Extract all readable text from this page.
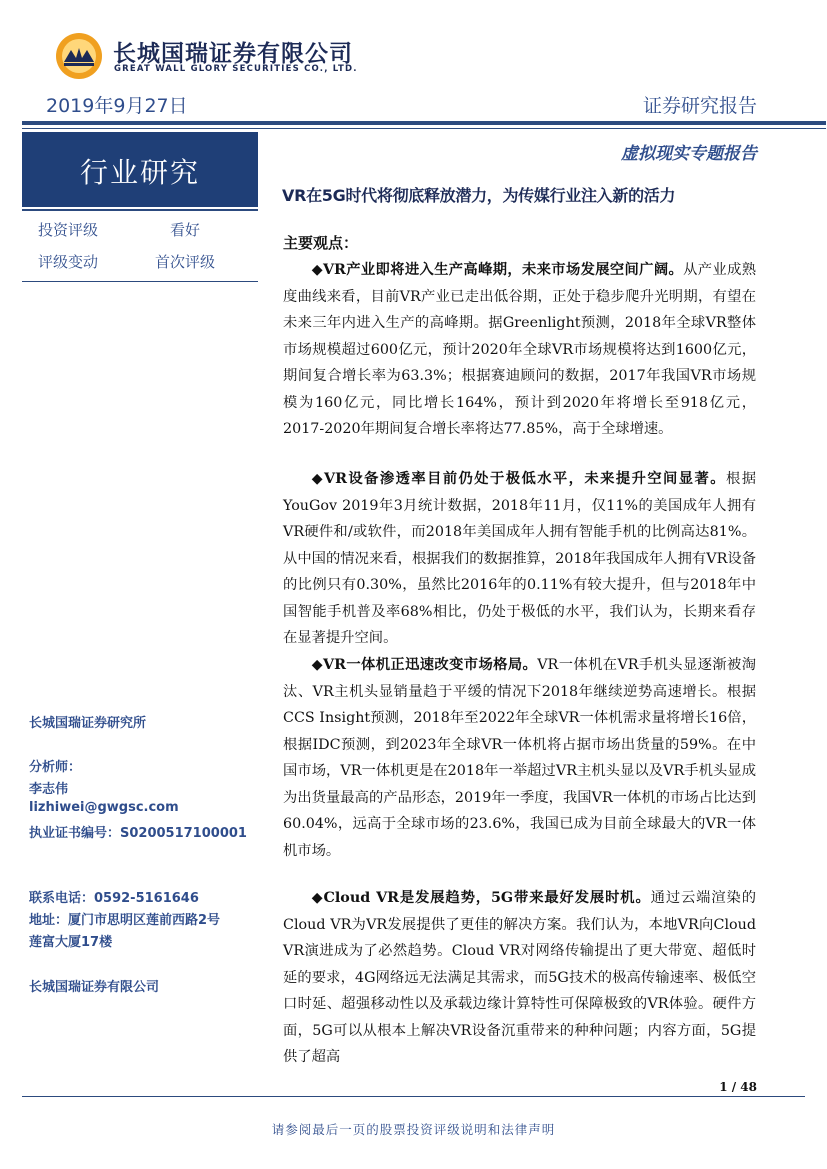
长城国瑞证券有限公司
GREAT WALL GLORY SECURITIES CO., LTD.
2019年9月27日	证券研究报告
行业研究
投资评级	看好
评级变动	首次评级
长城国瑞证券研究所
分析师：
李志伟
lizhiwei@gwgsc.com
执业证书编号：S0200517100001
联系电话：0592-5161646
地址：厦门市思明区莲前西路2号
莲富大厦17楼
长城国瑞证券有限公司
虚拟现实专题报告
VR在5G时代将彻底释放潜力，为传媒行业注入新的活力
主要观点：

◆VR产业即将进入生产高峰期，未来市场发展空间广阔。从产业成熟度曲线来看，目前VR产业已走出低谷期，正处于稳步爬升光明期，有望在未来三年内进入生产的高峰期。据Greenlight预测，2018年全球VR整体市场规模超过600亿元，预计2020年全球VR市场规模将达到1600亿元，期间复合增长率为63.3%；根据赛迪顾问的数据，2017年我国VR市场规模为160亿元，同比增长164%，预计到2020年将增长至918亿元，2017-2020年期间复合增长率将达77.85%，高于全球增速。

◆VR设备渗透率目前仍处于极低水平，未来提升空间显著。根据YouGov 2019年3月统计数据，2018年11月，仅11%的美国成年人拥有VR硬件和/或软件，而2018年美国成年人拥有智能手机的比例高达81%。从中国的情况来看，根据我们的数据推算，2018年我国成年人拥有VR设备的比例只有0.30%，虽然比2016年的0.11%有较大提升，但与2018年中国智能手机普及率68%相比，仍处于极低的水平，我们认为，长期来看存在显著提升空间。

◆VR一体机正迅速改变市场格局。VR一体机在VR手机头显逐渐被淘汰、VR主机头显销量趋于平缓的情况下2018年继续逆势高速增长。根据CCS Insight预测，2018年至2022年全球VR一体机需求量将增长16倍，根据IDC预测，到2023年全球VR一体机将占据市场出货量的59%。在中国市场，VR一体机更是在2018年一举超过VR主机头显以及VR手机头显成为出货量最高的产品形态，2019年一季度，我国VR一体机的市场占比达到60.04%，远高于全球市场的23.6%，我国已成为目前全球最大的VR一体机市场。

◆Cloud VR是发展趋势，5G带来最好发展时机。通过云端渲染的Cloud VR为VR发展提供了更佳的解决方案。我们认为，本地VR向Cloud VR演进成为了必然趋势。Cloud VR对网络传输提出了更大带宽、超低时延的要求，4G网络远无法满足其需求，而5G技术的极高传输速率、极低空口时延、超强移动性以及承载边缘计算特性可保障极致的VR体验。硬件方面，5G可以从根本上解决VR设备沉重带来的种种问题；内容方面，5G提供了超高

1 / 48
请参阅最后一页的股票投资评级说明和法律声明
